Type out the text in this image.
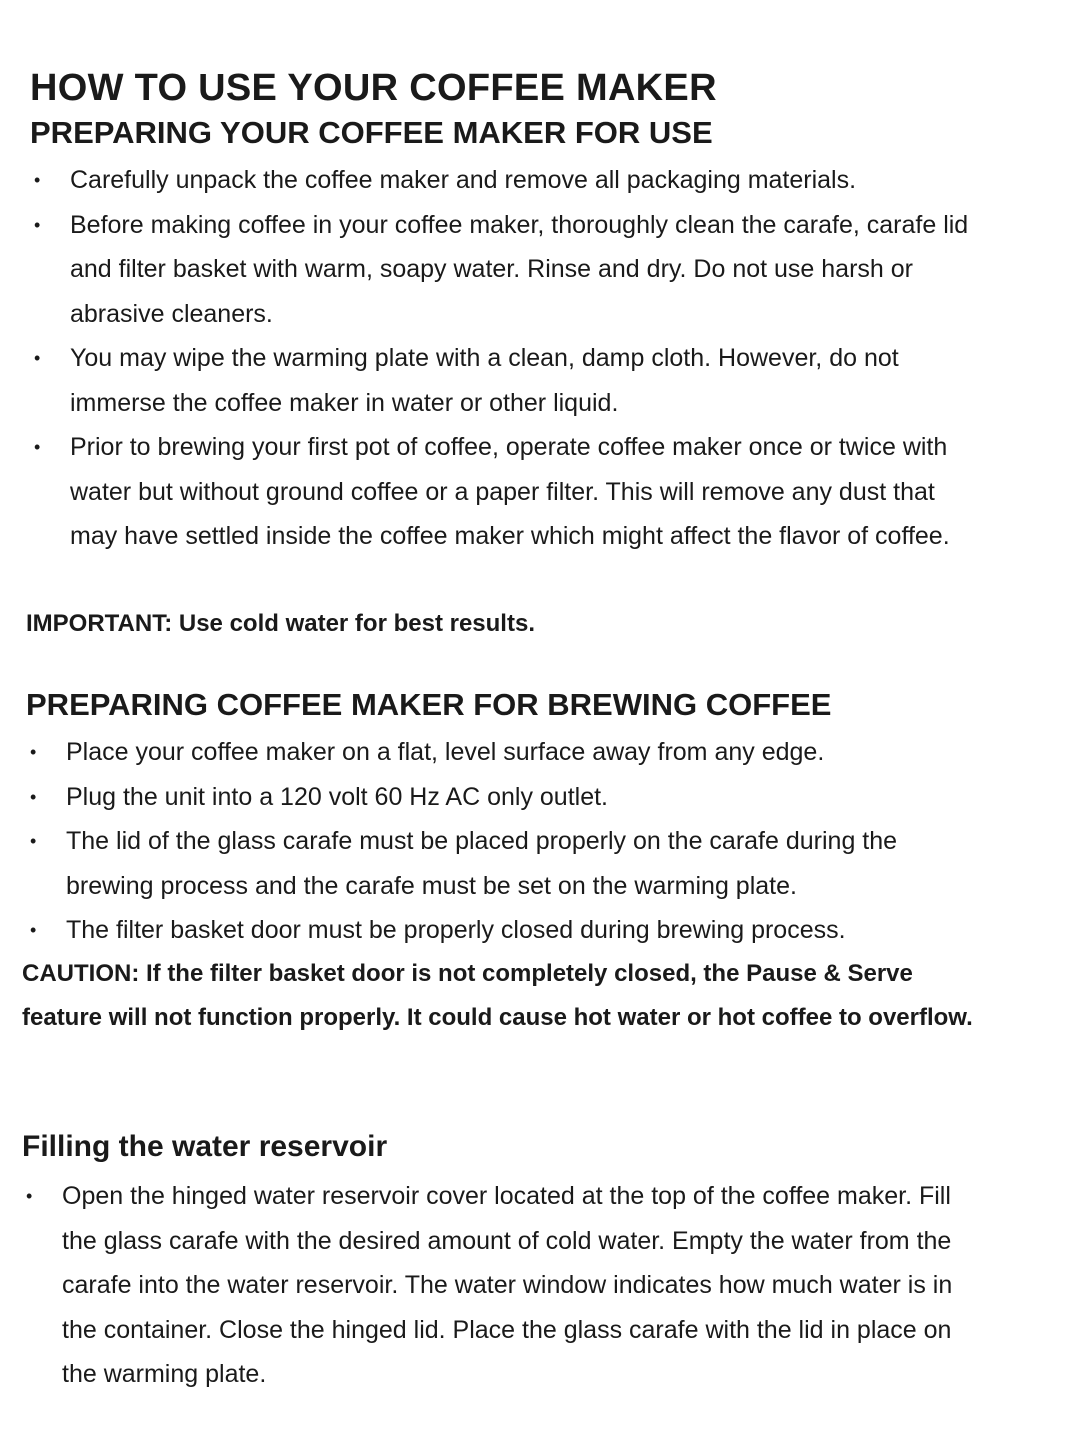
HOW TO USE YOUR COFFEE MAKER
PREPARING YOUR COFFEE MAKER FOR USE
• Carefully unpack the coffee maker and remove all packaging materials.
• Before making coffee in your coffee maker, thoroughly clean the carafe, carafe lid and filter basket with warm, soapy water. Rinse and dry. Do not use harsh or abrasive cleaners.
• You may wipe the warming plate with a clean, damp cloth. However, do not immerse the coffee maker in water or other liquid.
• Prior to brewing your first pot of coffee, operate coffee maker once or twice with water but without ground coffee or a paper filter. This will remove any dust that may have settled inside the coffee maker which might affect the flavor of coffee.

IMPORTANT: Use cold water for best results.

PREPARING COFFEE MAKER FOR BREWING COFFEE
• Place your coffee maker on a flat, level surface away from any edge.
• Plug the unit into a 120 volt 60 Hz AC only outlet.
• The lid of the glass carafe must be placed properly on the carafe during the brewing process and the carafe must be set on the warming plate.
• The filter basket door must be properly closed during brewing process.

CAUTION: If the filter basket door is not completely closed, the Pause & Serve feature will not function properly. It could cause hot water or hot coffee to overflow.

Filling the water reservoir
• Open the hinged water reservoir cover located at the top of the coffee maker. Fill the glass carafe with the desired amount of cold water. Empty the water from the carafe into the water reservoir. The water window indicates how much water is in the container. Close the hinged lid. Place the glass carafe with the lid in place on the warming plate.
